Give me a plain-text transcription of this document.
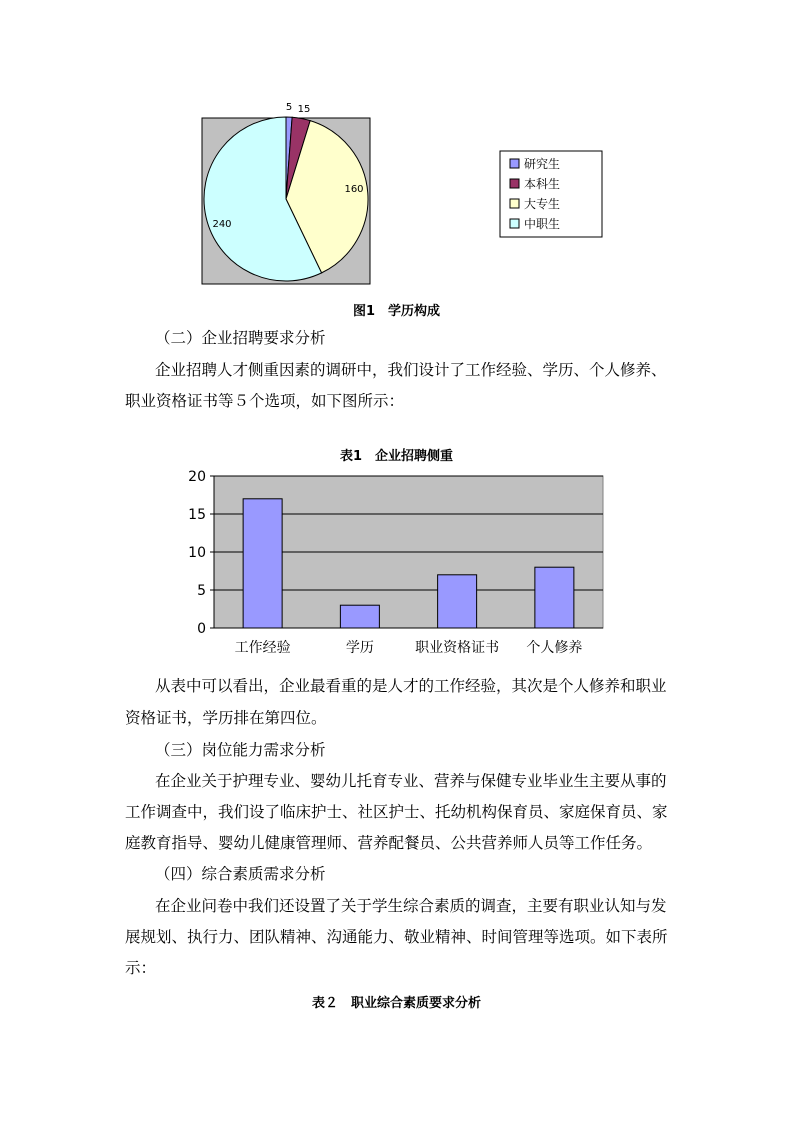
5 15
160
240
研究生
本科生
大专生
中职生
图1　学历构成
（二）企业招聘要求分析
企业招聘人才侧重因素的调研中，我们设计了工作经验、学历、个人修养、
职业资格证书等５个选项，如下图所示：
表1　企业招聘侧重
0
5
10
15
20
工作经验	学历	职业资格证书 个人修养
从表中可以看出，企业最看重的是人才的工作经验，其次是个人修养和职业
资格证书，学历排在第四位。
（三）岗位能力需求分析
在企业关于护理专业、婴幼儿托育专业、营养与保健专业毕业生主要从事的
工作调查中，我们设了临床护士、社区护士、托幼机构保育员、家庭保育员、家
庭教育指导、婴幼儿健康管理师、营养配餐员、公共营养师人员等工作任务。
（四）综合素质需求分析
在企业问卷中我们还设置了关于学生综合素质的调查，主要有职业认知与发
展规划、执行力、团队精神、沟通能力、敬业精神、时间管理等选项。如下表所
示：
表２　职业综合素质要求分析
